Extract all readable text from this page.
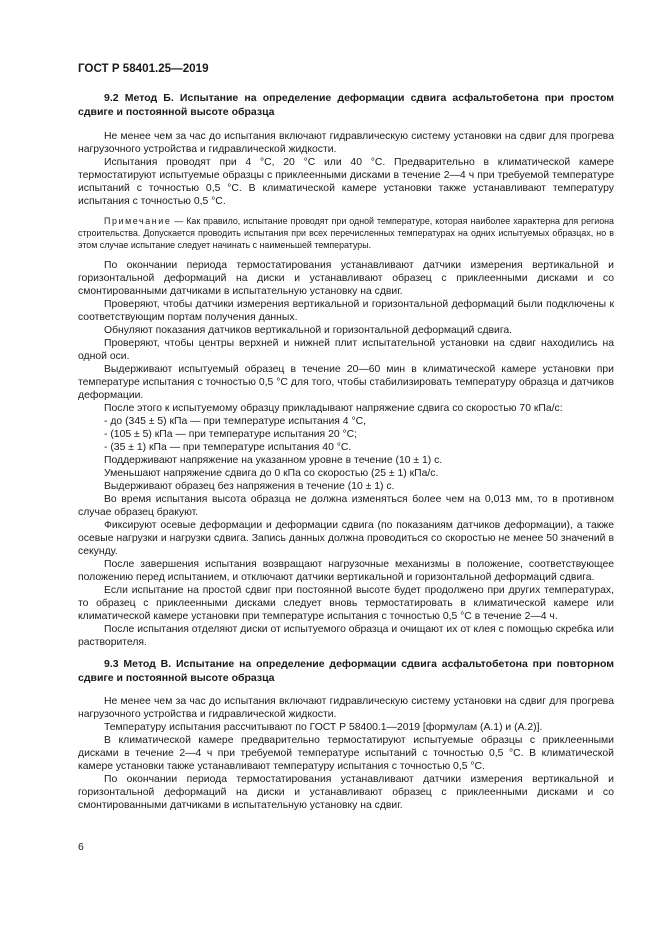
ГОСТ Р 58401.25—2019
9.2 Метод Б. Испытание на определение деформации сдвига асфальтобетона при простом сдвиге и постоянной высоте образца

Не менее чем за час до испытания включают гидравлическую систему установки на сдвиг для прогрева нагрузочного устройства и гидравлической жидкости.

Испытания проводят при 4 °С, 20 °С или 40 °С. Предварительно в климатической камере термостатируют испытуемые образцы с приклеенными дисками в течение 2—4 ч при требуемой температуре испытаний с точностью 0,5 °С. В климатической камере установки также устанавливают температуру испытания с точностью 0,5 °С.

Примечание — Как правило, испытание проводят при одной температуре, которая наиболее характерна для региона строительства. Допускается проводить испытания при всех перечисленных температурах на одних испытуемых образцах, но в этом случае испытание следует начинать с наименьшей температуры.

По окончании периода термостатирования устанавливают датчики измерения вертикальной и горизонтальной деформаций на диски и устанавливают образец с приклеенными дисками и со смонтированными датчиками в испытательную установку на сдвиг.

Проверяют, чтобы датчики измерения вертикальной и горизонтальной деформаций были подключены к соответствующим портам получения данных.

Обнуляют показания датчиков вертикальной и горизонтальной деформаций сдвига.

Проверяют, чтобы центры верхней и нижней плит испытательной установки на сдвиг находились на одной оси.

Выдерживают испытуемый образец в течение 20—60 мин в климатической камере установки при температуре испытания с точностью 0,5 °С для того, чтобы стабилизировать температуру образца и датчиков деформации.

После этого к испытуемому образцу прикладывают напряжение сдвига со скоростью 70 кПа/с:

- до (345 ± 5) кПа — при температуре испытания 4 °С,

- (105 ± 5) кПа — при температуре испытания 20 °С;

- (35 ± 1) кПа — при температуре испытания 40 °С.

Поддерживают напряжение на указанном уровне в течение (10 ± 1) с.

Уменьшают напряжение сдвига до 0 кПа со скоростью (25 ± 1) кПа/с.

Выдерживают образец без напряжения в течение (10 ± 1) с.

Во время испытания высота образца не должна изменяться более чем на 0,013 мм, то в противном случае образец бракуют.

Фиксируют осевые деформации и деформации сдвига (по показаниям датчиков деформации), а также осевые нагрузки и нагрузки сдвига. Запись данных должна проводиться со скоростью не менее 50 значений в секунду.

После завершения испытания возвращают нагрузочные механизмы в положение, соответствующее положению перед испытанием, и отключают датчики вертикальной и горизонтальной деформаций сдвига.

Если испытание на простой сдвиг при постоянной высоте будет продолжено при других температурах, то образец с приклеенными дисками следует вновь термостатировать в климатической камере или климатической камере установки при температуре испытания с точностью 0,5 °С в течение 2—4 ч.

После испытания отделяют диски от испытуемого образца и очищают их от клея с помощью скребка или растворителя.

9.3 Метод В. Испытание на определение деформации сдвига асфальтобетона при повторном сдвиге и постоянной высоте образца

Не менее чем за час до испытания включают гидравлическую систему установки на сдвиг для прогрева нагрузочного устройства и гидравлической жидкости.

Температуру испытания рассчитывают по ГОСТ Р 58400.1—2019 [формулам (А.1) и (А.2)].

В климатической камере предварительно термостатируют испытуемые образцы с приклеенными дисками в течение 2—4 ч при требуемой температуре испытаний с точностью 0,5 °С. В климатической камере установки также устанавливают температуру испытания с точностью 0,5 °С.

По окончании периода термостатирования устанавливают датчики измерения вертикальной и горизонтальной деформаций на диски и устанавливают образец с приклеенными дисками и со смонтированными датчиками в испытательную установку на сдвиг.

6
